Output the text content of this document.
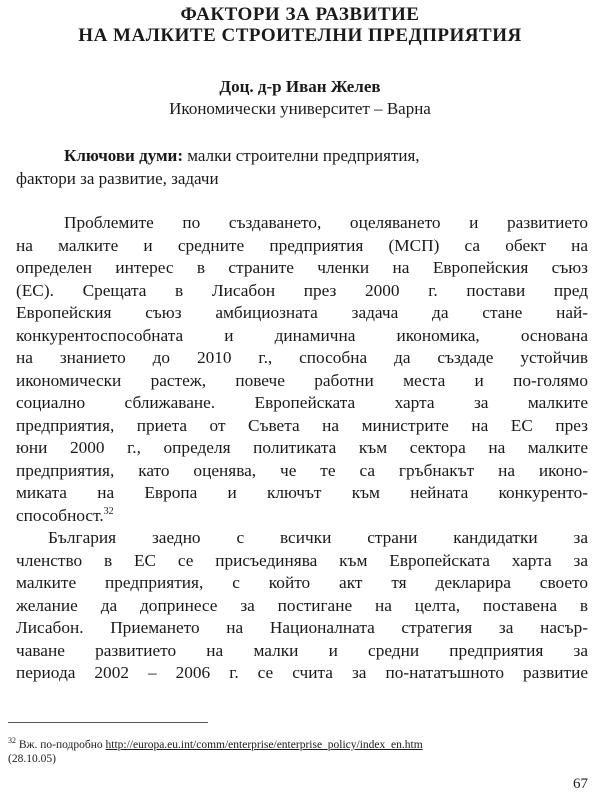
ФАКТОРИ ЗА РАЗВИТИЕ
НА МАЛКИТЕ СТРОИТЕЛНИ ПРЕДПРИЯТИЯ
Доц. д-р Иван Желев
Икономически университет – Варна
Ключови думи: малки строителни предприятия,
фактори за развитие, задачи
Проблемите по създаването, оцеляването и развитието
на малките и средните предприятия (МСП) са обект на
определен интерес в страните членки на Европейския съюз
(ЕС). Срещата в Лисабон през 2000 г. постави пред
Европейския съюз амбициозната задача да стане най-
конкурентоспособната и динамична икономика, основана
на знанието до 2010 г., способна да създаде устойчив
икономически растеж, повече работни места и по-голямо
социално сближаване. Европейската харта за малките
предприятия, приета от Съвета на министрите на ЕС през
юни 2000 г., определя политиката към сектора на малките
предприятия, като оценява, че те са гръбнакът на иконо-
миката на Европа и ключът към нейната конкуренто-
способност.$^{32}$
България заедно с всички страни кандидатки за
членство в ЕС се присъединява към Европейската харта за
малките предприятия, с който акт тя декларира своето
желание да допринесе за постигане на целта, поставена в
Лисабон. Приемането на Националната стратегия за насър-
чаване развитието на малки и средни предприятия за
периода 2002 – 2006 г. се счита за по-нататъшното развитие
$^{32}$ Вж. по-подробно http://europa.eu.int/comm/enterprise/enterprise_policy/index_en.htm
(28.10.05)
67
